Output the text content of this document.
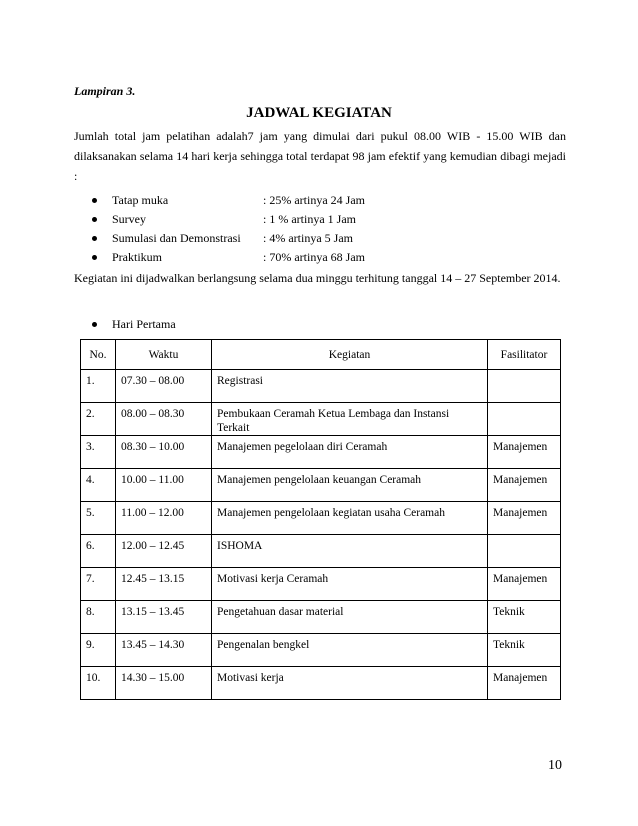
Lampiran 3.
JADWAL KEGIATAN
Jumlah total jam pelatihan adalah7 jam yang dimulai dari pukul 08.00 WIB - 15.00 WIB dan dilaksanakan selama 14 hari kerja sehingga total terdapat 98 jam efektif yang kemudian dibagi mejadi :
Tatap muka	: 25% artinya 24 Jam
Survey	: 1 % artinya 1 Jam
Sumulasi dan Demonstrasi : 4% artinya 5 Jam
Praktikum	: 70% artinya 68 Jam
Kegiatan ini dijadwalkan berlangsung selama dua minggu terhitung tanggal 14 – 27 September 2014.
Hari Pertama
No.	Waktu	Kegiatan	Fasilitator
1.	07.30 – 08.00	Registrasi	
2.	08.00 – 08.30	Pembukaan Ceramah Ketua Lembaga dan Instansi Terkait	
3.	08.30 – 10.00	Manajemen pegelolaan diri Ceramah	Manajemen
4.	10.00 – 11.00	Manajemen pengelolaan keuangan Ceramah	Manajemen
5.	11.00 – 12.00	Manajemen pengelolaan kegiatan usaha Ceramah	Manajemen
6.	12.00 – 12.45	ISHOMA	
7.	12.45 – 13.15	Motivasi kerja Ceramah	Manajemen
8.	13.15 – 13.45	Pengetahuan dasar material	Teknik
9.	13.45 – 14.30	Pengenalan bengkel	Teknik
10.	14.30 – 15.00	Motivasi kerja	Manajemen
10
